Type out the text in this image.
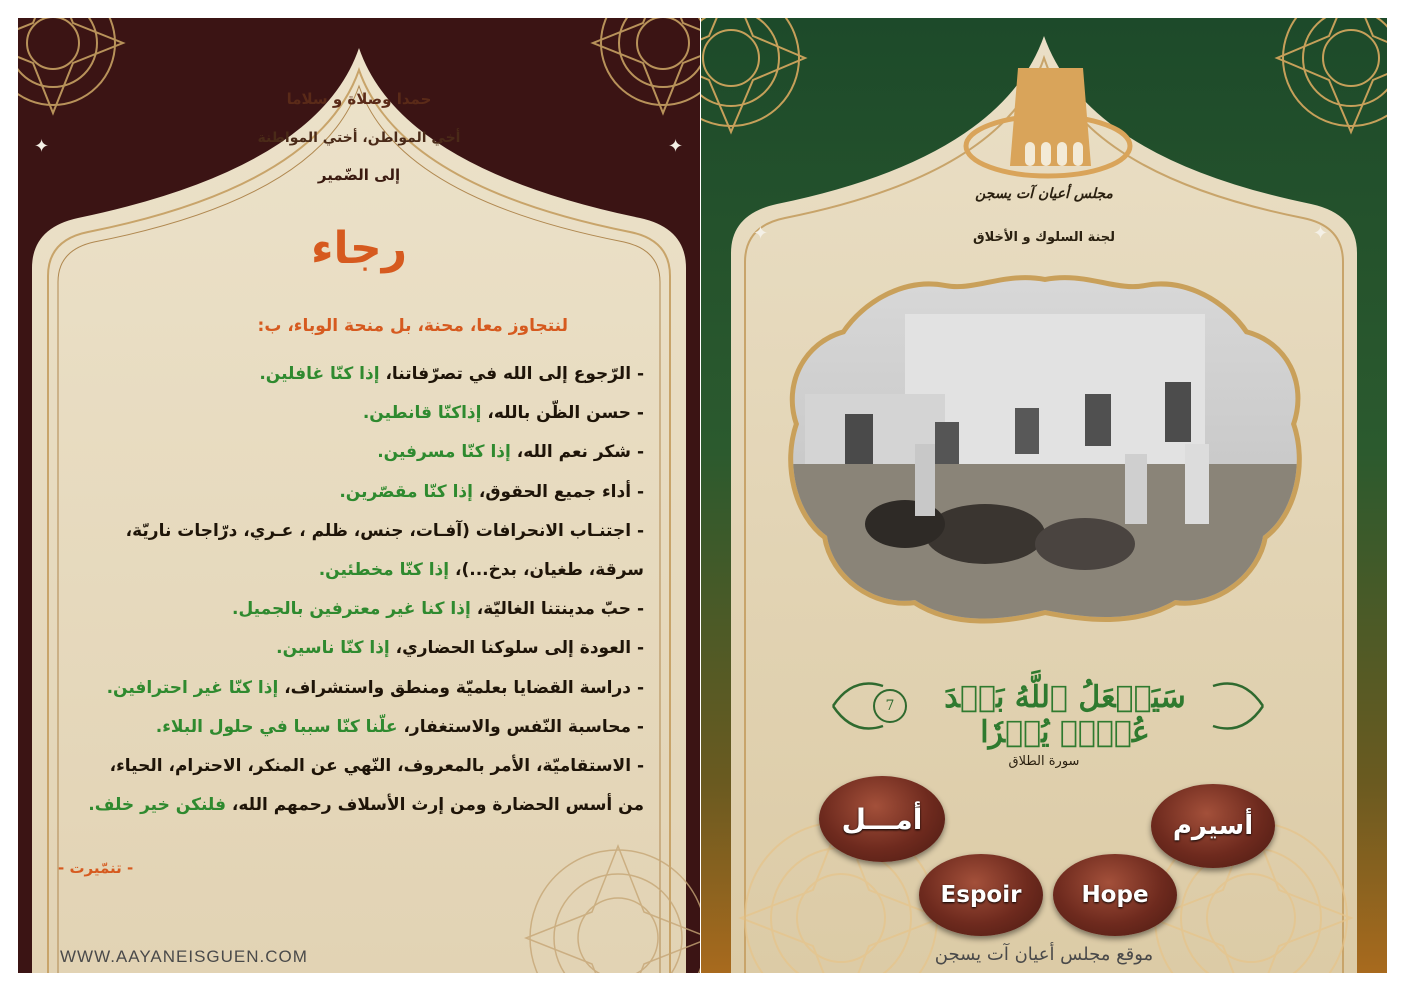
✦	✦
حمدا وصلاة و سلاما
أخي المواطن، أختي المواطنة
إلى الضّمير
رجاء
لنتجاوز معا، محنة، بل منحة الوباء، ب:
- الرّجوع إلى الله في تصرّفاتنا، إذا كنّا غافلين.
- حسن الظّن بالله، إذاكنّا قانطين.
- شكر نعم الله، إذا كنّا مسرفين.
- أداء جميع الحقوق، إذا كنّا مقصّرين.
- اجتنـاب الانحرافات (آفـات، جنس، ظلم ، عـري، درّاجات ناريّة،
سرقة، طغيان، بدخ...)، إذا كنّا مخطئين.
- حبّ مدينتنا الغاليّة، إذا كنا غير معترفين بالجميل.
- العودة إلى سلوكنا الحضاري، إذا كنّا ناسين.
- دراسة القضايا بعلميّة ومنطق واستشراف، إذا كنّا غير احترافين.
- محاسبة النّفس والاستغفار، علّنا كنّا سببا في حلول البلاء.
- الاستقاميّة، الأمر بالمعروف، النّهي عن المنكر، الاحترام، الحياء،
من أسس الحضارة ومن إرث الأسلاف رحمهم الله، فلنكن خير خلف.
- تنمّيرت -
WWW.AAYANEISGUEN.COM
✦	✦
مجلس أعيان آت يسجن
لجنة السلوك و الأخلاق
سَيَجۡعَلُ ٱللَّهُ بَعۡدَ عُسۡرٖ يُسۡرٗا
7
سورة الطلاق
أمـــل	أسيرم
Espoir	Hope
موقع مجلس أعيان آت يسجن
